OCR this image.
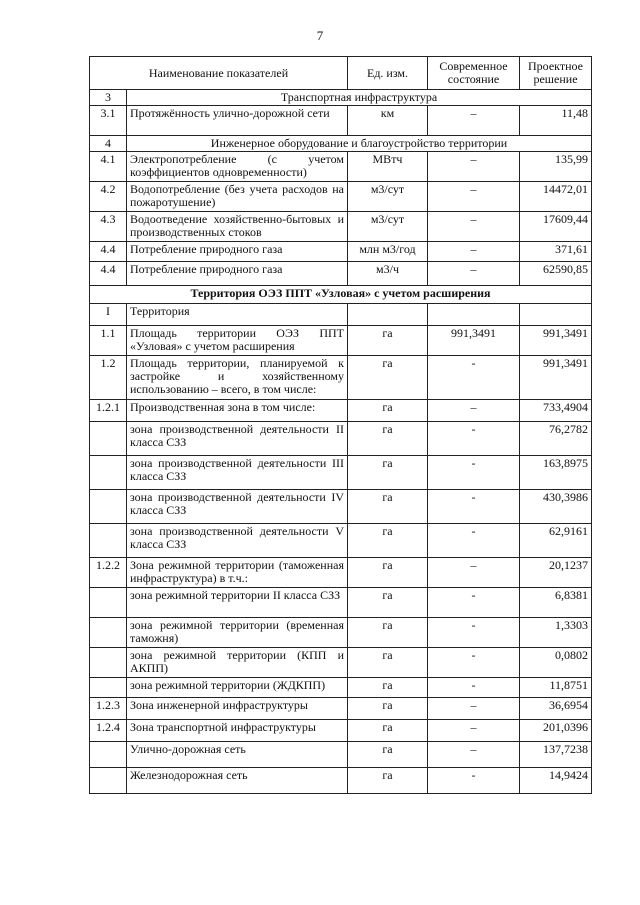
7
Наименование показателей		Ед. изм.	Современное состояние	Проектное решение
3	Транспортная инфраструктура			
3.1	Протяжённость улично-дорожной сети	км	–	11,48
4	Инженерное оборудование и благоустройство территории			
4.1	Электропотребление (с учетом коэффициентов одновременности)	МВтч	–	135,99
4.2	Водопотребление (без учета расходов на пожаротушение)	м3/сут	–	14472,01
4.3	Водоотведение хозяйственно-бытовых и производственных стоков	м3/сут	–	17609,44
4.4	Потребление природного газа	млн м3/год	–	371,61
4.4	Потребление природного газа	м3/ч	–	62590,85
Территория ОЭЗ ППТ «Узловая» с учетом расширения				
I	Территория			
1.1	Площадь территории ОЭЗ ППТ «Узловая» с учетом расширения	га	991,3491	991,3491
1.2	Площадь территории, планируемой к застройке и хозяйственному использованию – всего, в том числе:	га	-	991,3491
1.2.1	Производственная зона в том числе:	га	–	733,4904
	зона производственной деятельности II класса СЗЗ	га	-	76,2782
	зона производственной деятельности III класса СЗЗ	га	-	163,8975
	зона производственной деятельности IV класса СЗЗ	га	-	430,3986
	зона производственной деятельности V класса СЗЗ	га	-	62,9161
1.2.2	Зона режимной территории (таможенная инфраструктура) в т.ч.:	га	–	20,1237
	зона режимной территории II класса СЗЗ	га	-	6,8381
	зона режимной территории (временная таможня)	га	-	1,3303
	зона режимной территории (КПП и АКПП)	га	-	0,0802
	зона режимной территории (ЖДКПП)	га	-	11,8751
1.2.3	Зона инженерной инфраструктуры	га	–	36,6954
1.2.4	Зона транспортной инфраструктуры	га	–	201,0396
	Улично-дорожная сеть	га	–	137,7238
	Железнодорожная сеть	га	-	14,9424
